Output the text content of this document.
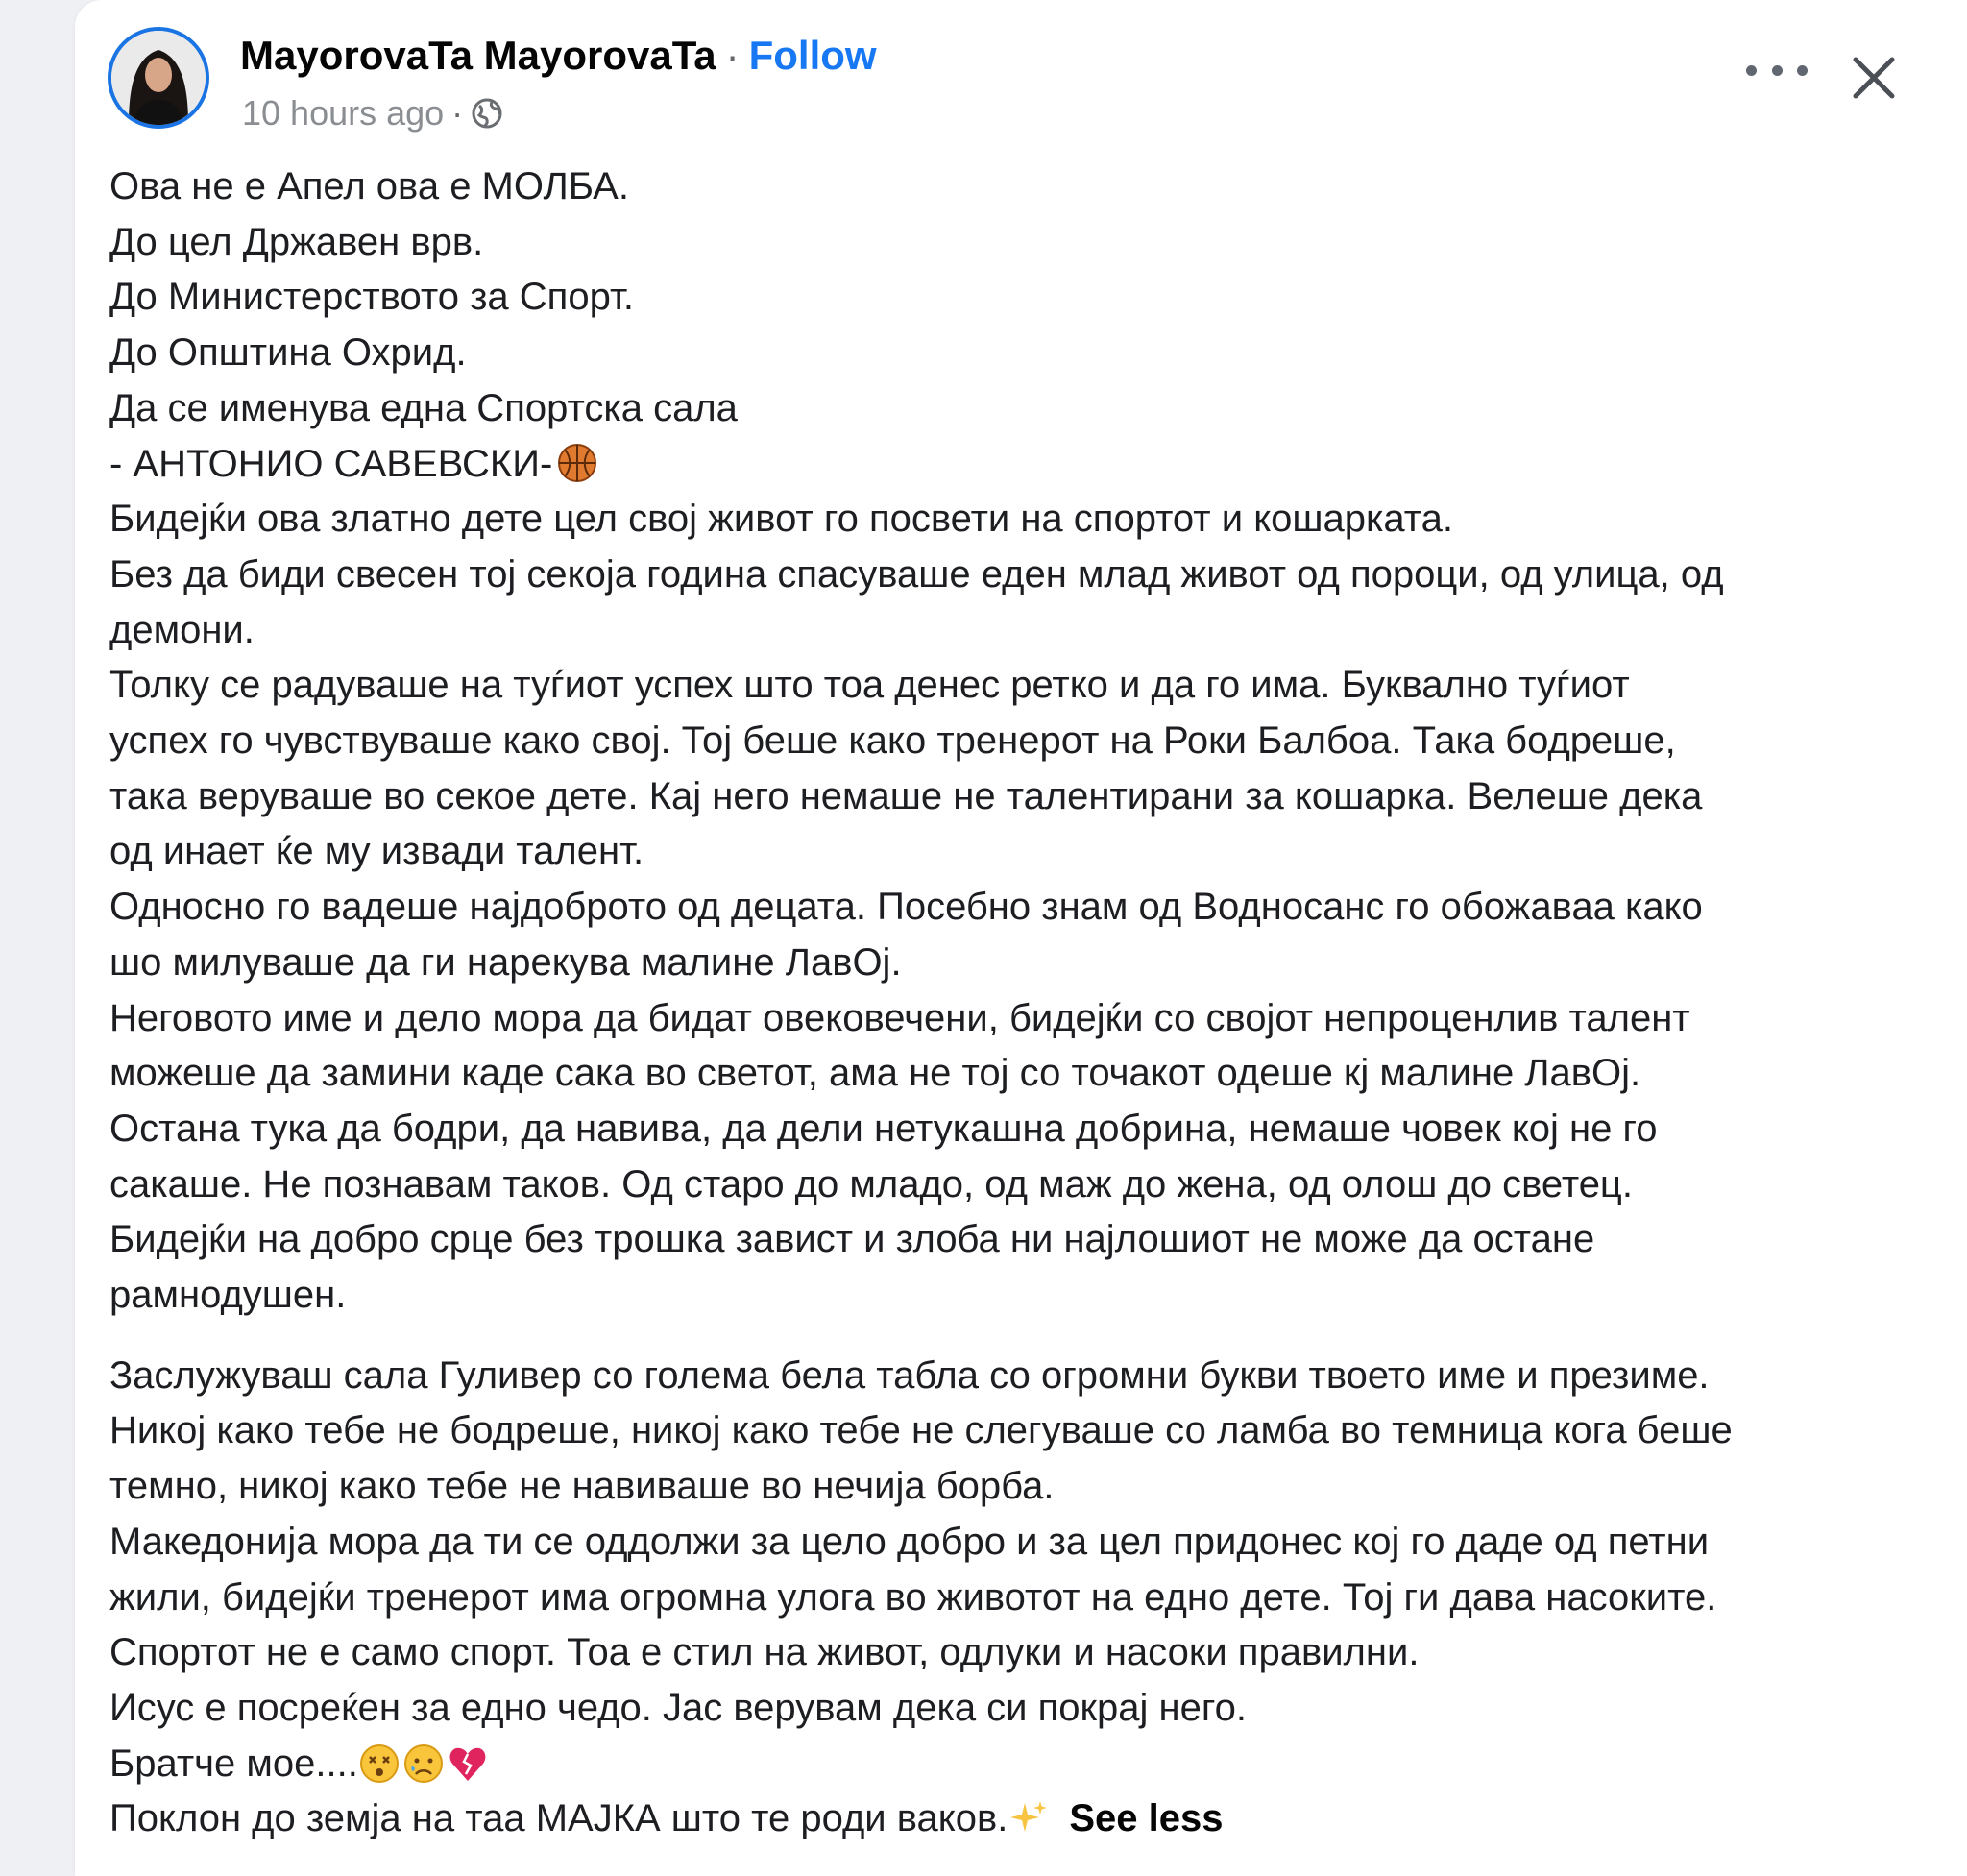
MayorovaTa MayorovaTa · Follow
10 hours ago ·

Ова не е Апел ова е МОЛБА.

До цел Државен врв.

До Министерството за Спорт.

До Општина Охрид.

Да се именува една Спортска сала

- АНТОНИО САВЕВСКИ-

Бидејќи ова златно дете цел свој живот го посвети на спортот и кошарката.

Без да биди свесен тој секоја година спасуваше еден млад живот од пороци, од улица, од

демони.

Толку се радуваше на туѓиот успех што тоа денес ретко и да го има. Буквално туѓиот

успех го чувствуваше како свој. Тој беше како тренерот на Роки Балбоа. Така бодреше,

така веруваше во секое дете. Кај него немаше не талентирани за кошарка. Велеше дека

од инает ќе му извади талент.

Односно го вадеше најдоброто од децата. Посебно знам од Водносанс го обожаваа како

шо милуваше да ги нарекува малине ЛавОј.

Неговото име и дело мора да бидат овековечени, бидејќи со својот непроценлив талент

можеше да замини каде сака во светот, ама не тој со точакот одеше кј малине ЛавОј.

Остана тука да бодри, да навива, да дели нетукашна добрина, немаше човек кој не го

сакаше. Не познавам таков. Од старо до младо, од маж до жена, од олош до светец.

Бидејќи на добро срце без трошка завист и злоба ни најлошиот не може да остане

рамнодушен.

Заслужуваш сала Гуливер со голема бела табла со огромни букви твоето име и презиме.

Никој како тебе не бодреше, никој како тебе не слегуваше со ламба во темница кога беше

темно, никој како тебе не навиваше во нечија борба.

Македонија мора да ти се оддолжи за цело добро и за цел придонес кој го даде од петни

жили, бидејќи тренерот има огромна улога во животот на едно дете. Тој ги дава насоките.

Спортот не е само спорт. Тоа е стил на живот, одлуки и насоки правилни.

Исус е посреќен за едно чедо. Јас верувам дека си покрај него.

Братче мое....

Поклон до земја на таа МАЈКА што те роди ваков. See less
